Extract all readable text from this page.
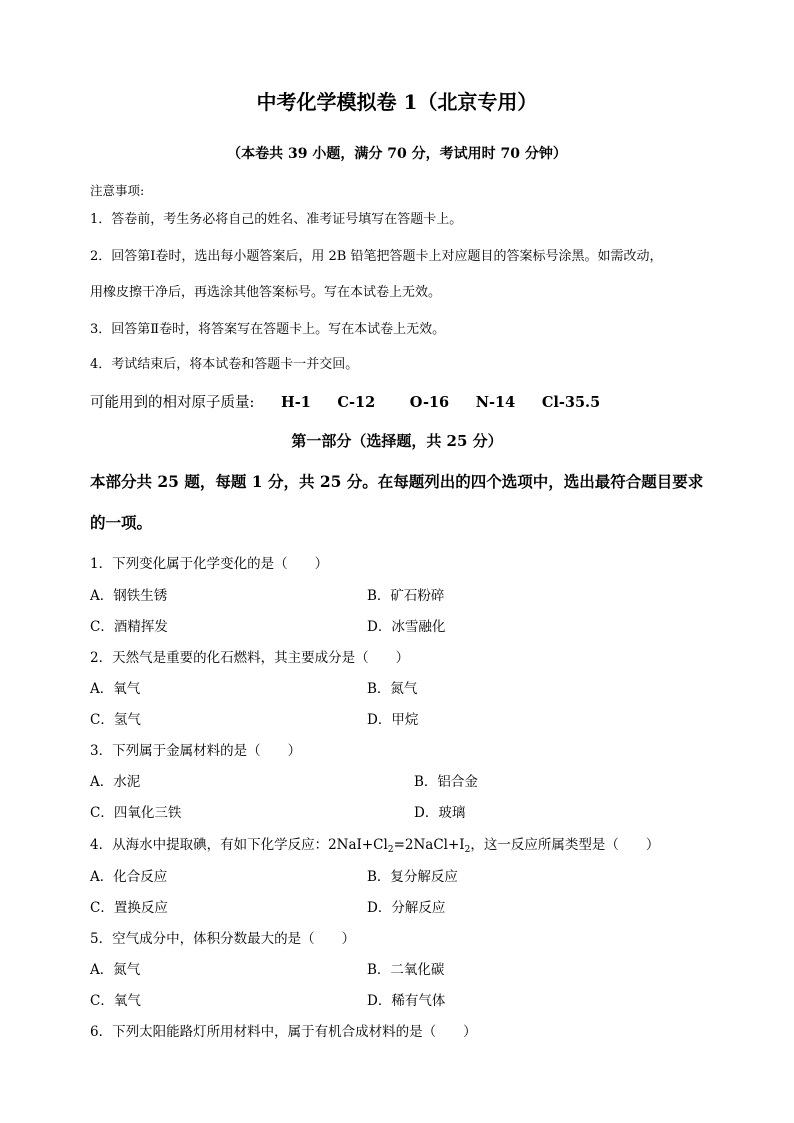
中考化学模拟卷 1（北京专用）
（本卷共 39 小题，满分 70 分，考试用时 70 分钟）
注意事项:
1．答卷前，考生务必将自己的姓名、准考证号填写在答题卡上。
2．回答第Ⅰ卷时，选出每小题答案后，用 2B 铅笔把答题卡上对应题目的答案标号涂黑。如需改动，
用橡皮擦干净后，再选涂其他答案标号。写在本试卷上无效。
3．回答第Ⅱ卷时，将答案写在答题卡上。写在本试卷上无效。
4．考试结束后，将本试卷和答题卡一并交回。
可能用到的相对原子质量: H-1 C-12 O-16 N-14 Cl-35.5
第一部分（选择题，共 25 分）
本部分共 25 题，每题 1 分，共 25 分。在每题列出的四个选项中，选出最符合题目要求
的一项。
1．下列变化属于化学变化的是（　　）
A．钢铁生锈	B．矿石粉碎
C．酒精挥发	D．冰雪融化
2．天然气是重要的化石燃料，其主要成分是（　　）
A．氧气	B．氮气
C．氢气	D．甲烷
3．下列属于金属材料的是（　　）
A．水泥	B．铝合金
C．四氧化三铁	D．玻璃
4．从海水中提取碘，有如下化学反应：$2NaI+Cl_2=2NaCl+I_2$，这一反应所属类型是（　　）
A．化合反应	B．复分解反应
C．置换反应	D．分解反应
5．空气成分中，体积分数最大的是（　　）
A．氮气	B．二氧化碳
C．氧气	D．稀有气体
6．下列太阳能路灯所用材料中，属于有机合成材料的是（　　）
